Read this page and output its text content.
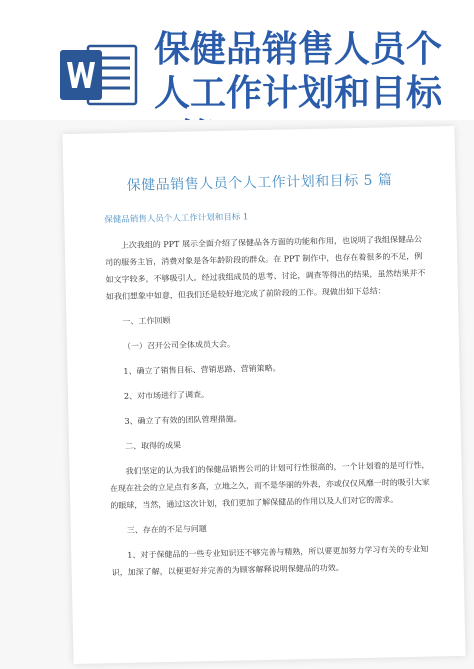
保健品销售人员个人工作计划和目标
保健品销售人员个人工作计划和目标 5 篇
保健品销售人员个人工作计划和目标 1

上次我组的 PPT 展示全面介绍了保健品各方面的功能和作用，也说明了我组保健品公司的服务主旨，消费对象是各年龄阶段的群众。在 PPT 制作中，也存在着很多的不足，例如文字较多，不够吸引人。经过我组成员的思考、讨论，调查等得出的结果，虽然结果并不如我们想象中如意，但我们还是较好地完成了前阶段的工作。现做出如下总结：

一、工作回顾

（一）召开公司全体成员大会。

1、确立了销售目标、营销思路、营销策略。

2、对市场进行了调查。

3、确立了有效的团队管理措施。

二、取得的成果

我们坚定的认为我们的保健品销售公司的计划可行性很高的，一个计划看的是可行性，在现在社会的立足点有多高，立地之久，而不是华丽的外表，亦或仅仅风靡一时的吸引大家的眼球，当然，通过这次计划，我们更加了解保健品的作用以及人们对它的需求。

三、存在的不足与问题

1、对于保健品的一些专业知识还不够完善与精熟，所以要更加努力学习有关的专业知识，加深了解，以便更好并完善的为顾客解释说明保健品的功效。
